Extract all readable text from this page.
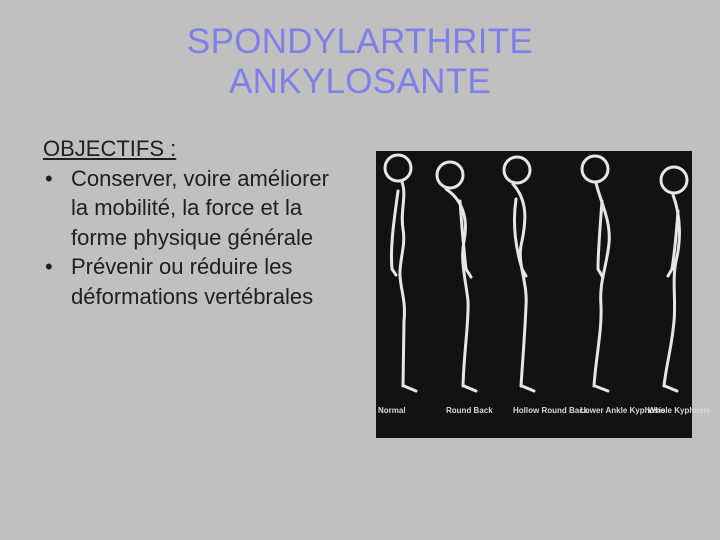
SPONDYLARTHRITE
ANKYLOSANTE
OBJECTIFS :
• Conserver, voire améliorer la mobilité, la force et la forme physique générale
• Prévenir ou réduire les déformations vertébrales
Normal	Round Back	Hollow Round Back
Lower Ankle Kyphosis
Whole Kyphosis
